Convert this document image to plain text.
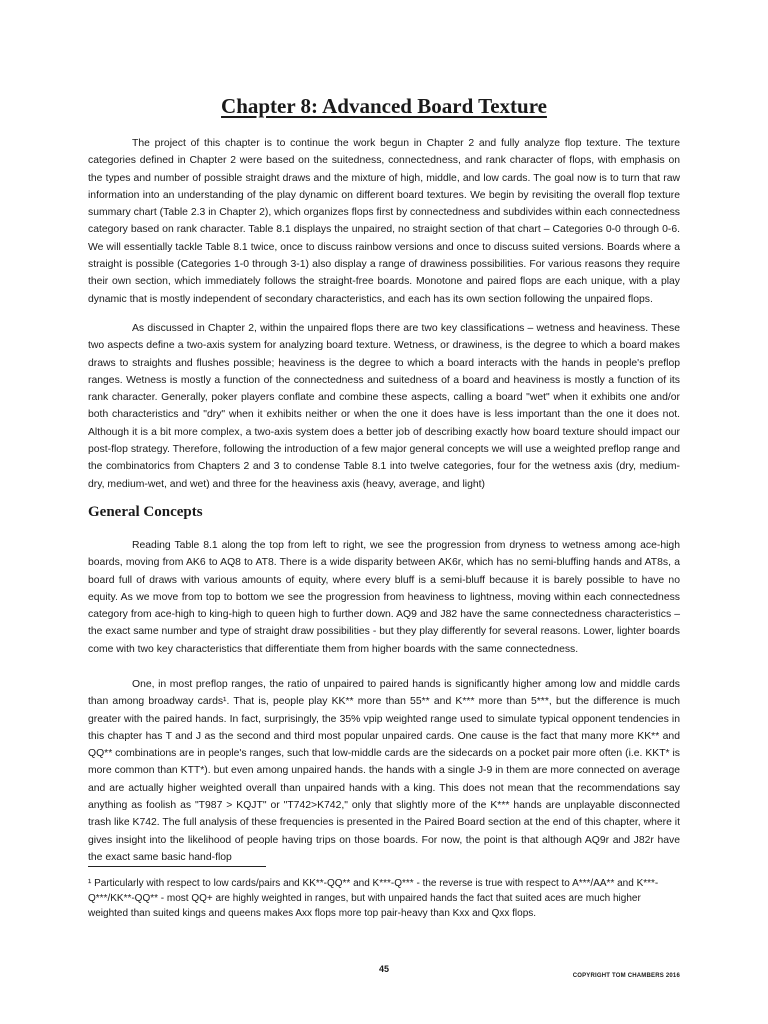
Chapter 8: Advanced Board Texture

The project of this chapter is to continue the work begun in Chapter 2 and fully analyze flop texture. The texture categories defined in Chapter 2 were based on the suitedness, connectedness, and rank character of flops, with emphasis on the types and number of possible straight draws and the mixture of high, middle, and low cards. The goal now is to turn that raw information into an understanding of the play dynamic on different board textures. We begin by revisiting the overall flop texture summary chart (Table 2.3 in Chapter 2), which organizes flops first by connectedness and subdivides within each connectedness category based on rank character. Table 8.1 displays the unpaired, no straight section of that chart – Categories 0-0 through 0-6. We will essentially tackle Table 8.1 twice, once to discuss rainbow versions and once to discuss suited versions. Boards where a straight is possible (Categories 1-0 through 3-1) also display a range of drawiness possibilities. For various reasons they require their own section, which immediately follows the straight-free boards. Monotone and paired flops are each unique, with a play dynamic that is mostly independent of secondary characteristics, and each has its own section following the unpaired flops.

As discussed in Chapter 2, within the unpaired flops there are two key classifications – wetness and heaviness. These two aspects define a two-axis system for analyzing board texture. Wetness, or drawiness, is the degree to which a board makes draws to straights and flushes possible; heaviness is the degree to which a board interacts with the hands in people's preflop ranges. Wetness is mostly a function of the connectedness and suitedness of a board and heaviness is mostly a function of its rank character. Generally, poker players conflate and combine these aspects, calling a board "wet" when it exhibits one and/or both characteristics and "dry" when it exhibits neither or when the one it does have is less important than the one it does not. Although it is a bit more complex, a two-axis system does a better job of describing exactly how board texture should impact our post-flop strategy. Therefore, following the introduction of a few major general concepts we will use a weighted preflop range and the combinatorics from Chapters 2 and 3 to condense Table 8.1 into twelve categories, four for the wetness axis (dry, medium-dry, medium-wet, and wet) and three for the heaviness axis (heavy, average, and light)

General Concepts

Reading Table 8.1 along the top from left to right, we see the progression from dryness to wetness among ace-high boards, moving from AK6 to AQ8 to AT8. There is a wide disparity between AK6r, which has no semi-bluffing hands and AT8s, a board full of draws with various amounts of equity, where every bluff is a semi-bluff because it is barely possible to have no equity. As we move from top to bottom we see the progression from heaviness to lightness, moving within each connectedness category from ace-high to king-high to queen high to further down. AQ9 and J82 have the same connectedness characteristics – the exact same number and type of straight draw possibilities - but they play differently for several reasons. Lower, lighter boards come with two key characteristics that differentiate them from higher boards with the same connectedness.

One, in most preflop ranges, the ratio of unpaired to paired hands is significantly higher among low and middle cards than among broadway cards¹. That is, people play KK** more than 55** and K*** more than 5***, but the difference is much greater with the paired hands. In fact, surprisingly, the 35% vpip weighted range used to simulate typical opponent tendencies in this chapter has T and J as the second and third most popular unpaired cards. One cause is the fact that many more KK** and QQ** combinations are in people's ranges, such that low-middle cards are the sidecards on a pocket pair more often (i.e. KKT* is more common than KTT*). but even among unpaired hands. the hands with a single J-9 in them are more connected on average and are actually higher weighted overall than unpaired hands with a king. This does not mean that the recommendations say anything as foolish as "T987 > KQJT" or "T742>K742," only that slightly more of the K*** hands are unplayable disconnected trash like K742. The full analysis of these frequencies is presented in the Paired Board section at the end of this chapter, where it gives insight into the likelihood of people having trips on those boards. For now, the point is that although AQ9r and J82r have the exact same basic hand-flop

¹ Particularly with respect to low cards/pairs and KK**-QQ** and K***-Q*** - the reverse is true with respect to A***/AA** and K***-Q***/KK**-QQ** - most QQ+ are highly weighted in ranges, but with unpaired hands the fact that suited aces are much higher weighted than suited kings and queens makes Axx flops more top pair-heavy than Kxx and Qxx flops.

45
COPYRIGHT TOM CHAMBERS 2016
